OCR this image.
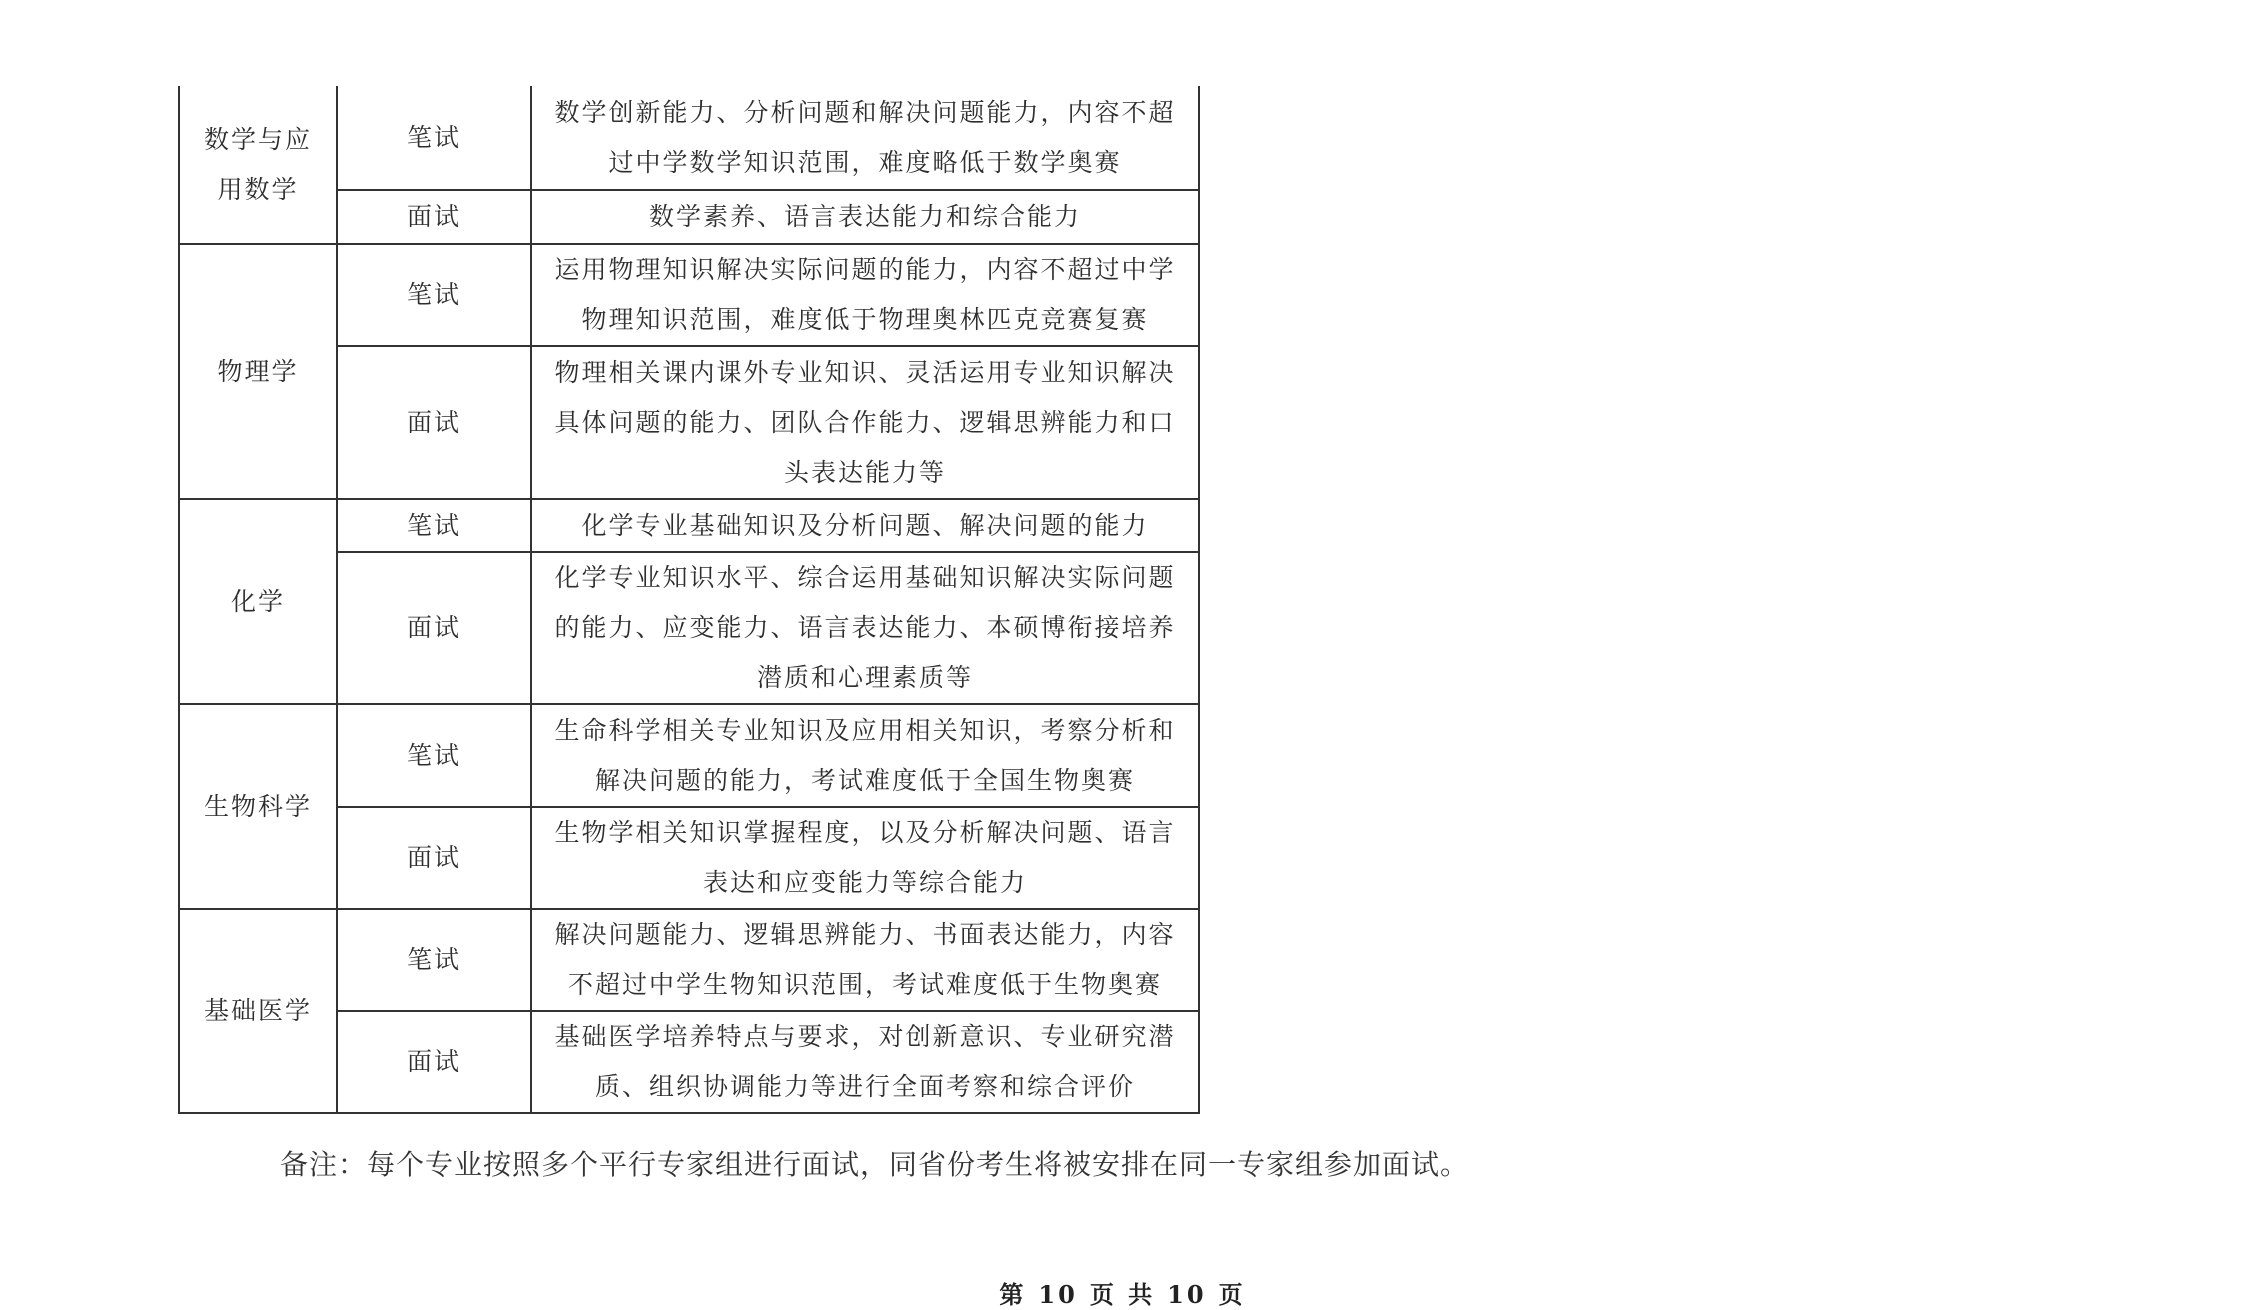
数学与应用数学	笔试	数学创新能力、分析问题和解决问题能力，内容不超过中学数学知识范围，难度略低于数学奥赛
	面试	数学素养、语言表达能力和综合能力
物理学	笔试	运用物理知识解决实际问题的能力，内容不超过中学物理知识范围，难度低于物理奥林匹克竞赛复赛
	面试	物理相关课内课外专业知识、灵活运用专业知识解决具体问题的能力、团队合作能力、逻辑思辨能力和口头表达能力等
化学	笔试	化学专业基础知识及分析问题、解决问题的能力
	面试	化学专业知识水平、综合运用基础知识解决实际问题的能力、应变能力、语言表达能力、本硕博衔接培养潜质和心理素质等
生物科学	笔试	生命科学相关专业知识及应用相关知识，考察分析和解决问题的能力，考试难度低于全国生物奥赛
	面试	生物学相关知识掌握程度，以及分析解决问题、语言表达和应变能力等综合能力
基础医学	笔试	解决问题能力、逻辑思辨能力、书面表达能力，内容不超过中学生物知识范围，考试难度低于生物奥赛
	面试	基础医学培养特点与要求，对创新意识、专业研究潜质、组织协调能力等进行全面考察和综合评价
备注：每个专业按照多个平行专家组进行面试，同省份考生将被安排在同一专家组参加面试。
第 10 页 共 10 页
